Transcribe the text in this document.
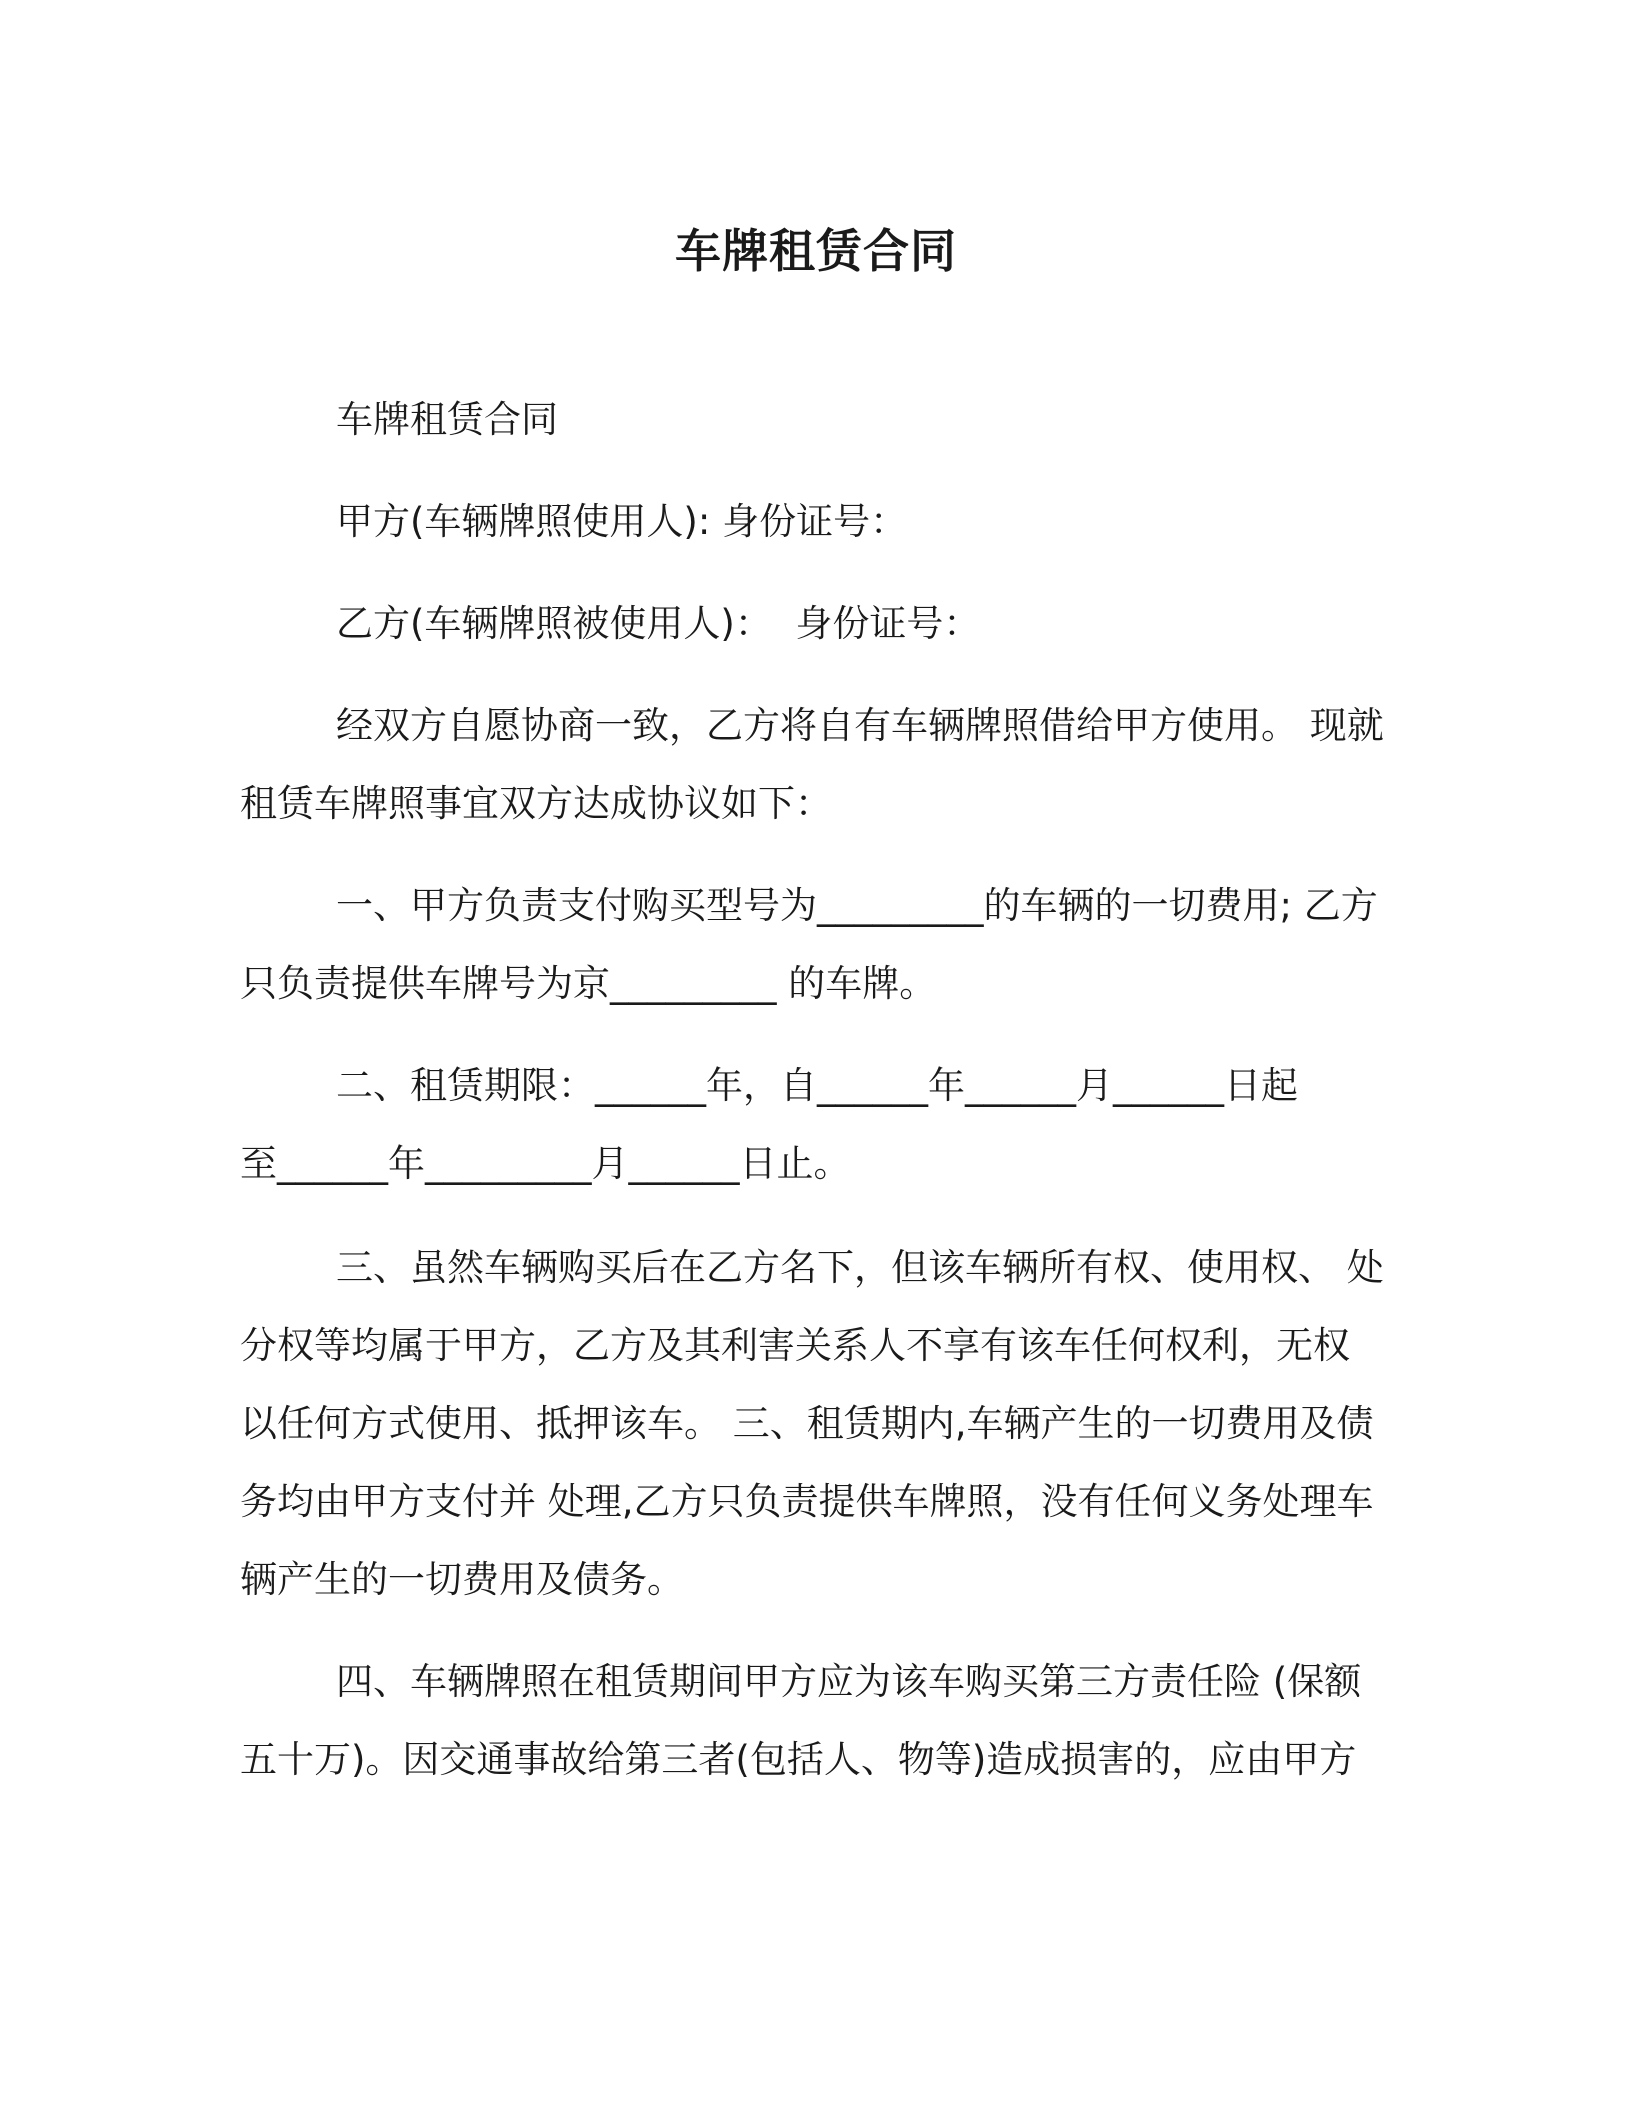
车牌租赁合同
车牌租赁合同
甲方(车辆牌照使用人): 身份证号：
乙方(车辆牌照被使用人)：  身份证号：
经双方自愿协商一致，乙方将自有车辆牌照借给甲方使用。 现就
租赁车牌照事宜双方达成协议如下：
一、甲方负责支付购买型号为_________的车辆的一切费用; 乙方
只负责提供车牌号为京_________ 的车牌。
二、租赁期限：______年，自______年______月______日起
至______年_________月______日止。
三、虽然车辆购买后在乙方名下，但该车辆所有权、使用权、 处
分权等均属于甲方，乙方及其利害关系人不享有该车任何权利，无权
以任何方式使用、抵押该车。 三、租赁期内,车辆产生的一切费用及债
务均由甲方支付并 处理,乙方只负责提供车牌照，没有任何义务处理车
辆产生的一切费用及债务。
四、车辆牌照在租赁期间甲方应为该车购买第三方责任险 (保额
五十万)。因交通事故给第三者(包括人、物等)造成损害的，应由甲方
